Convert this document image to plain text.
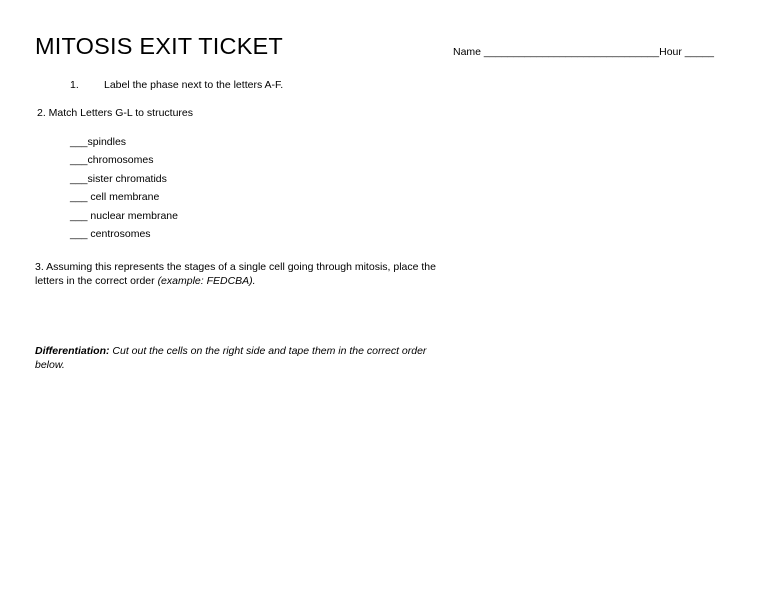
MITOSIS EXIT TICKET	Name ______________________________Hour _____
1. Label the phase next to the letters A-F.
2. Match Letters G-L to structures
___spindles
___chromosomes
___sister chromatids
___ cell membrane
___ nuclear membrane
___ centrosomes
3. Assuming this represents the stages of a single cell going through mitosis, place the letters in the correct order (example: FEDCBA).
Differentiation: Cut out the cells on the right side and tape them in the correct order below.
